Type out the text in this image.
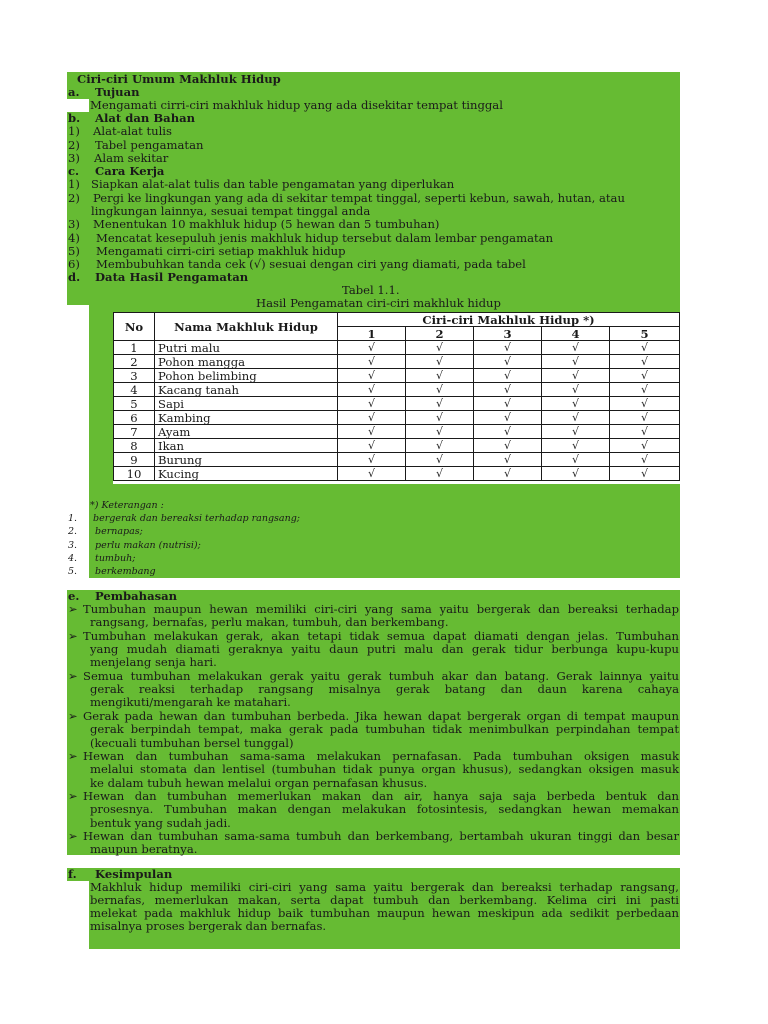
Ciri-ciri Umum Makhluk Hidup
a. Tujuan
Mengamati cirri-ciri makhluk hidup yang ada disekitar tempat tinggal
b. Alat dan Bahan
1) Alat-alat tulis
2) Tabel pengamatan
3) Alam sekitar
c. Cara Kerja
1) Siapkan alat-alat tulis dan table pengamatan yang diperlukan
2) Pergi ke lingkungan yang ada di sekitar tempat tinggal, seperti kebun, sawah, hutan, atau
lingkungan lainnya, sesuai tempat tinggal anda
3) Menentukan 10 makhluk hidup (5 hewan dan 5 tumbuhan)
4) Mencatat kesepuluh jenis makhluk hidup tersebut dalam lembar pengamatan
5) Mengamati cirri-ciri setiap makhluk hidup
6) Membubuhkan tanda cek (√) sesuai dengan ciri yang diamati, pada tabel
d. Data Hasil Pengamatan
Tabel 1.1.
Hasil Pengamatan ciri-ciri makhluk hidup
No	Nama Makhluk Hidup	Ciri-ciri Makhluk Hidup *)				
		1	2	3	4	5
1	Putri malu	√	√	√	√	√
2	Pohon mangga	√	√	√	√	√
3	Pohon belimbing	√	√	√	√	√
4	Kacang tanah	√	√	√	√	√
5	Sapi	√	√	√	√	√
6	Kambing	√	√	√	√	√
7	Ayam	√	√	√	√	√
8	Ikan	√	√	√	√	√
9	Burung	√	√	√	√	√
10	Kucing	√	√	√	√	√
*) Keterangan :
1. bergerak dan bereaksi terhadap rangsang;
2. bernapas;
3. perlu makan (nutrisi);
4. tumbuh;
5. berkembang
e. Pembahasan
➢ Tumbuhan maupun hewan memiliki ciri-ciri yang sama yaitu bergerak dan bereaksi terhadap
rangsang, bernafas, perlu makan, tumbuh, dan berkembang.
➢ Tumbuhan melakukan gerak, akan tetapi tidak semua dapat diamati dengan jelas. Tumbuhan
yang mudah diamati geraknya yaitu daun putri malu dan gerak tidur berbunga kupu-kupu
menjelang senja hari.
➢ Semua tumbuhan melakukan gerak yaitu gerak tumbuh akar dan batang. Gerak lainnya yaitu
gerak reaksi terhadap rangsang misalnya gerak batang dan daun karena cahaya
mengikuti/mengarah ke matahari.
➢ Gerak pada hewan dan tumbuhan berbeda. Jika hewan dapat bergerak organ di tempat maupun
gerak berpindah tempat, maka gerak pada tumbuhan tidak menimbulkan perpindahan tempat
(kecuali tumbuhan bersel tunggal)
➢ Hewan dan tumbuhan sama-sama melakukan pernafasan. Pada tumbuhan oksigen masuk
melalui stomata dan lentisel (tumbuhan tidak punya organ khusus), sedangkan oksigen masuk
ke dalam tubuh hewan melalui organ pernafasan khusus.
➢ Hewan dan tumbuhan memerlukan makan dan air, hanya saja saja berbeda bentuk dan
prosesnya. Tumbuhan makan dengan melakukan fotosintesis, sedangkan hewan memakan
bentuk yang sudah jadi.
➢ Hewan dan tumbuhan sama-sama tumbuh dan berkembang, bertambah ukuran tinggi dan besar
maupun beratnya.
f. Kesimpulan
Makhluk hidup memiliki ciri-ciri yang sama yaitu bergerak dan bereaksi terhadap rangsang,
bernafas, memerlukan makan, serta dapat tumbuh dan berkembang. Kelima ciri ini pasti
melekat pada makhluk hidup baik tumbuhan maupun hewan meskipun ada sedikit perbedaan
misalnya proses bergerak dan bernafas.
